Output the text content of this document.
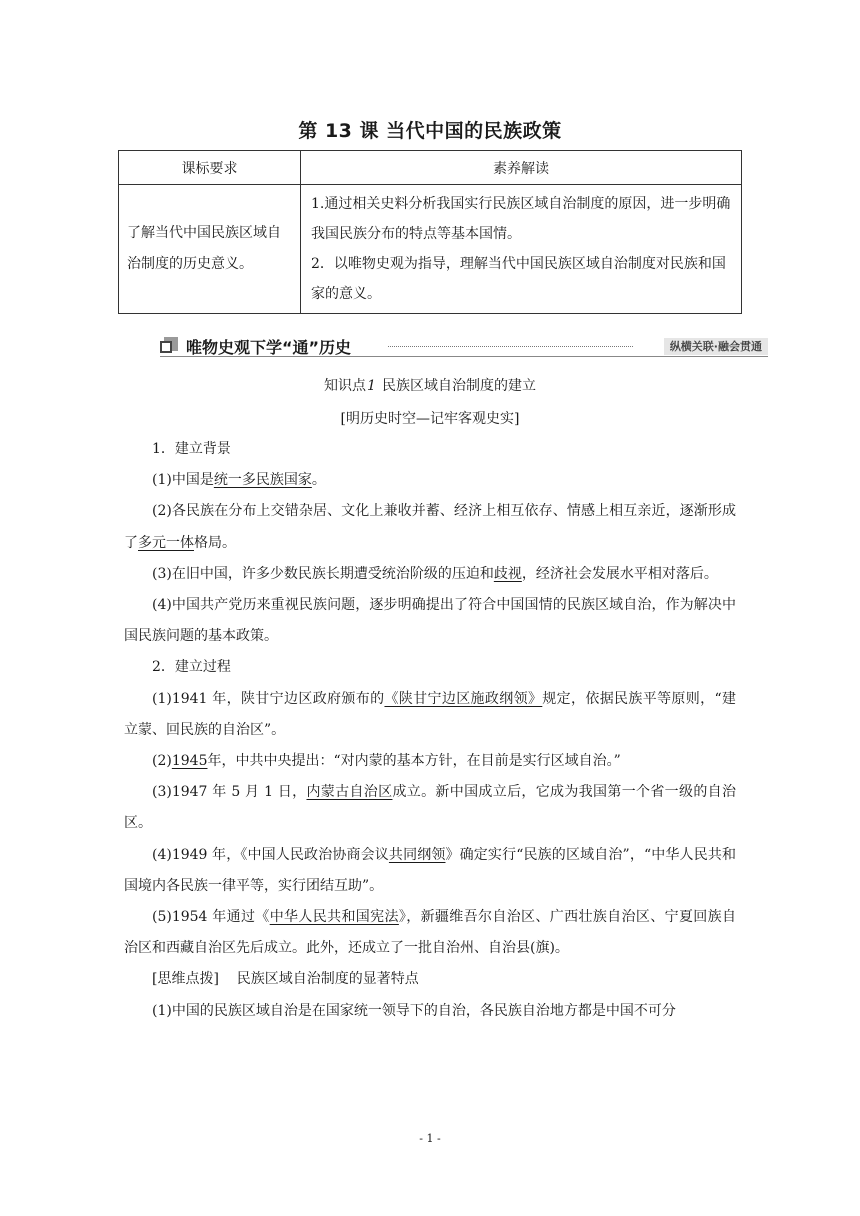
第 13 课 当代中国的民族政策
课标要求	素养解读
了解当代中国民族区域自治制度的历史意义。	1.通过相关史料分析我国实行民族区域自治制度的原因，进一步明确我国民族分布的特点等基本国情。
2．以唯物史观为指导，理解当代中国民族区域自治制度对民族和国家的意义。
唯物史观下学“通”历史	纵横关联·融会贯通
知识点1 民族区域自治制度的建立
[明历史时空—记牢客观史实]

1．建立背景

(1)中国是统一多民族国家。

(2)各民族在分布上交错杂居、文化上兼收并蓄、经济上相互依存、情感上相互亲近，逐渐形成了多元一体格局。

(3)在旧中国，许多少数民族长期遭受统治阶级的压迫和歧视，经济社会发展水平相对落后。

(4)中国共产党历来重视民族问题，逐步明确提出了符合中国国情的民族区域自治，作为解决中国民族问题的基本政策。

2．建立过程

(1)1941 年，陕甘宁边区政府颁布的《陕甘宁边区施政纲领》规定，依据民族平等原则，“建立蒙、回民族的自治区”。

(2)1945年，中共中央提出：“对内蒙的基本方针，在目前是实行区域自治。”

(3)1947 年 5 月 1 日，内蒙古自治区成立。新中国成立后，它成为我国第一个省一级的自治区。

(4)1949 年，《中国人民政治协商会议共同纲领》确定实行“民族的区域自治”，“中华人民共和国境内各民族一律平等，实行团结互助”。

(5)1954 年通过《中华人民共和国宪法》，新疆维吾尔自治区、广西壮族自治区、宁夏回族自治区和西藏自治区先后成立。此外，还成立了一批自治州、自治县(旗)。

[思维点拨] 民族区域自治制度的显著特点

(1)中国的民族区域自治是在国家统一领导下的自治，各民族自治地方都是中国不可分

- 1 -
